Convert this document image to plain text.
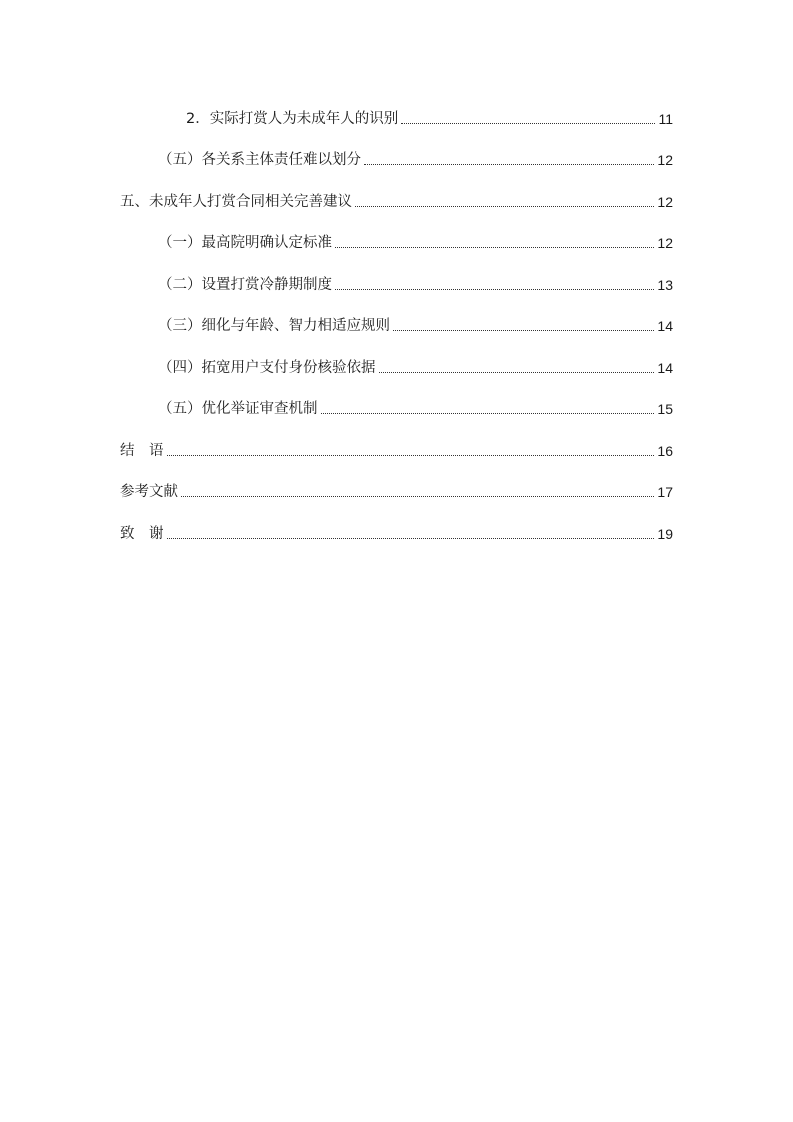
2．实际打赏人为未成年人的识别	11
（五）各关系主体责任难以划分	12
五、未成年人打赏合同相关完善建议	12
（一）最高院明确认定标准	12
（二）设置打赏冷静期制度	13
（三）细化与年龄、智力相适应规则	14
（四）拓宽用户支付身份核验依据	14
（五）优化举证审查机制	15
结　语	16
参考文献	17
致　谢	19
